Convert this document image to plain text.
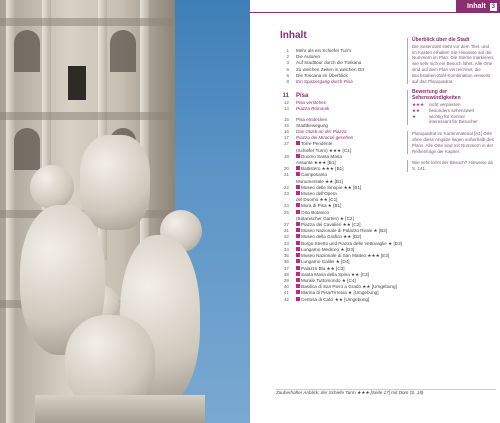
Inhalt	3
Inhalt
1	Mehr als ein Schiefer Turm
2	Die Autoren
3	Auf Stadttour durch die Toskana
5	Zu welchen Zeiten in welchen Ort
6	Die Toscana im Überblick
8	Ein Spaziergang durch Pisa
11	Pisa
12	Pisa verstehen
14	Piazza Romanik
15	Pisa entdecken
16	Stadtbewegung
16	Das Glück an der Piazza
17	Piazza dei Miracoli gesehen
17	Torre Pendente
(Schiefer Turm) ★★★ [C1]
18	Duomo Santa Maria
Assunta ★★★ [B1]
20	Battistero ★★★ [B1]
21	Camposanto
Monumentale ★★ [B1]
22	Museo delle Sinopie ★★ [B1]
23	Museo dell'Opera
del Duomo ★★ [C1]
24	Mura di Pisa ★ [B1]
25	Orto Botanico
(Botanischer Garten) ★ [C2]
27	Piazza dei Cavalieri ★★ [C2]
31	Museo Nazionale di Palazzo Reale ★ [B2]
32	Museo della Grafica ★★ [D2]
33	Borgo Stretto und Piazza delle Vettovaglie ★ [D3]
34	Lungarno Mediceo ★ [D3]
35	Museo Nazionale di San Matteo ★★★ [E3]
36	Lungarno Galilei ★ [D4]
37	Palazzo Blu ★★ [C3]
38	Santa Maria della Spina ★★ [C3]
39	Murale Tuttomondo ★ [C4]
40	Basilica di San Piero a Grado ★★ [Umgebung]
41	Marina di Pisa/Tirrenia ★ [Umgebung]
42	Certosa di Calci ★★ [Umgebung]
Überblick über die Stadt
Die Seitenzahl steht vor dem Titel, und im Kasten erhalten Sie Hinweise auf die Nummern im Plan. Die Sterne markieren, wie sehr sich ein Besuch lohnt. Alle Orte sind auf dem Plan verzeichnet, die Buchstaben-Zahl-Kombination verweist auf das Planquadrat.
Bewertung der Sehenswürdigkeiten
★★★	nicht verpassen
★★	besonders sehenswert
★	wichtig für Kenner
interessant für Besucher
Planquadrat im Kartenmaterial [A1] Orte ohne diese Angabe liegen außerhalb des Plans. Alle Orte sind mit Nummern in der Reihenfolge der Kapitel.
Wie sehr lohnt der Besuch? Hinweise ab S. 141.
Zauberhafter Anblick: der Schiefe Turm ★★★ [Seite 17] mit Dom (S. 18)
